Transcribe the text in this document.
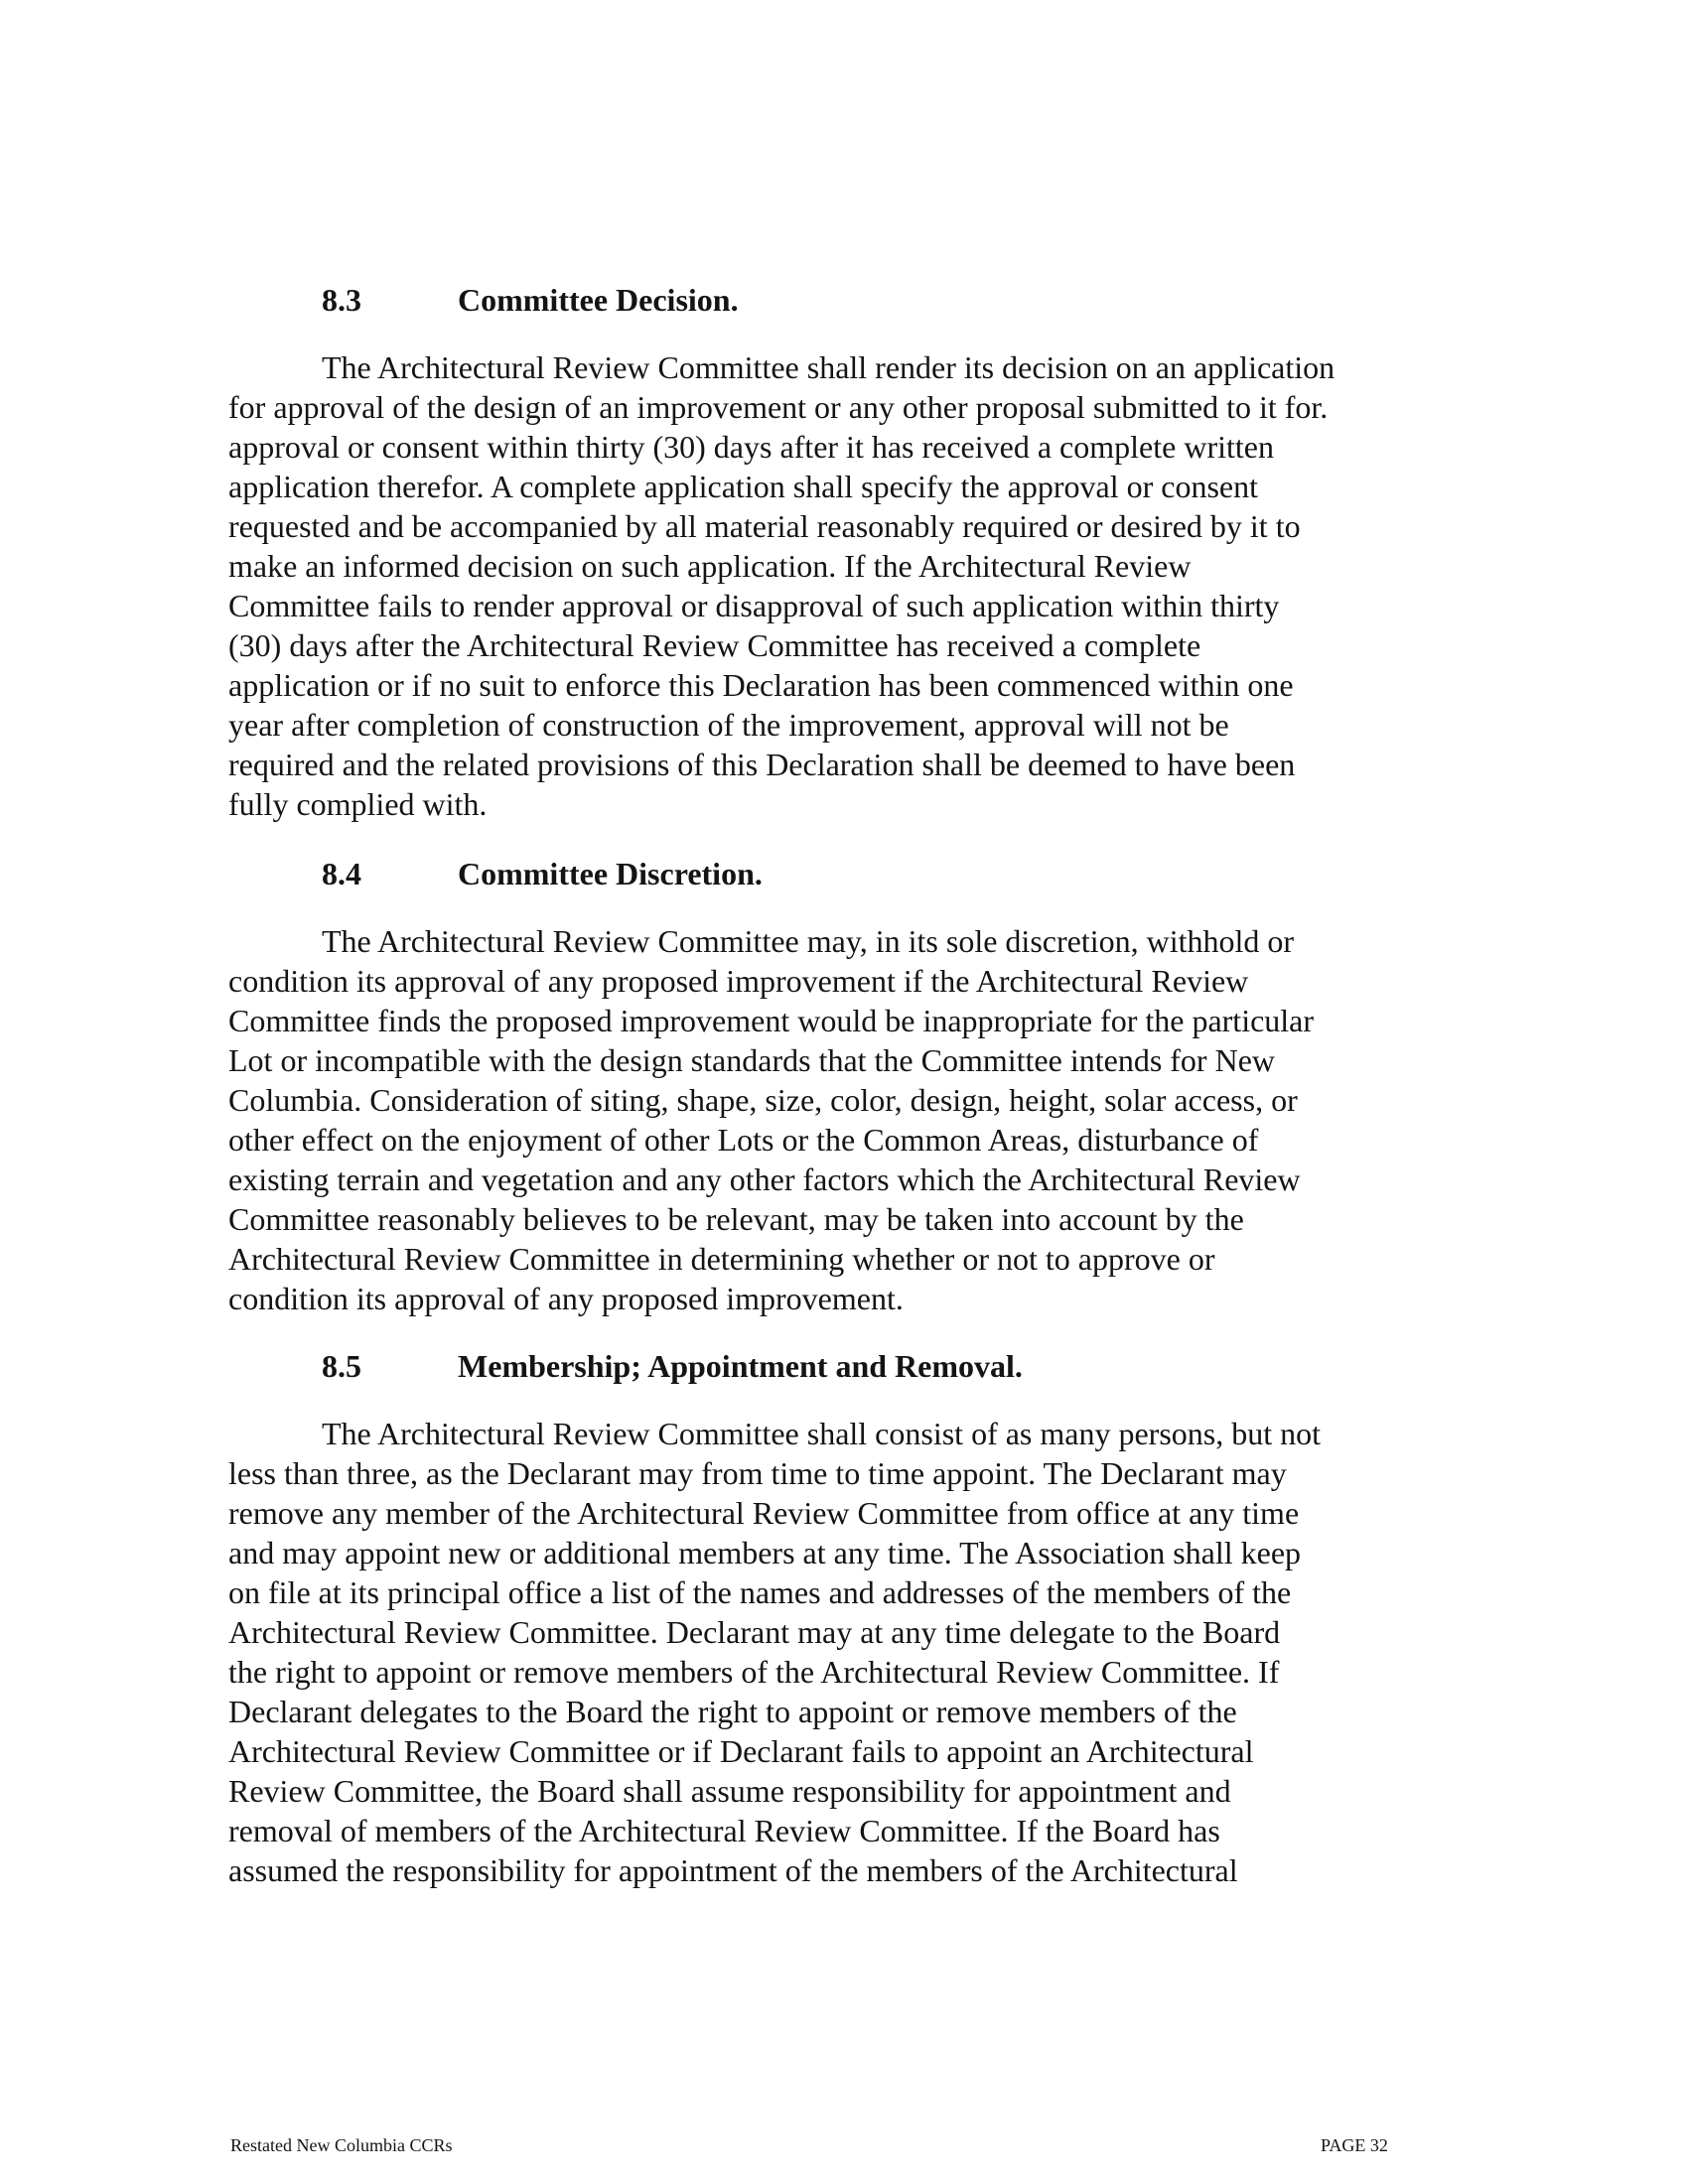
8.3	Committee Decision.
The Architectural Review Committee shall render its decision on an application
for approval of the design of an improvement or any other proposal submitted to it for.
approval or consent within thirty (30) days after it has received a complete written
application therefor. A complete application shall specify the approval or consent
requested and be accompanied by all material reasonably required or desired by it to
make an informed decision on such application. If the Architectural Review
Committee fails to render approval or disapproval of such application within thirty
(30) days after the Architectural Review Committee has received a complete
application or if no suit to enforce this Declaration has been commenced within one
year after completion of construction of the improvement, approval will not be
required and the related provisions of this Declaration shall be deemed to have been
fully complied with.
8.4	Committee Discretion.
The Architectural Review Committee may, in its sole discretion, withhold or
condition its approval of any proposed improvement if the Architectural Review
Committee finds the proposed improvement would be inappropriate for the particular
Lot or incompatible with the design standards that the Committee intends for New
Columbia. Consideration of siting, shape, size, color, design, height, solar access, or
other effect on the enjoyment of other Lots or the Common Areas, disturbance of
existing terrain and vegetation and any other factors which the Architectural Review
Committee reasonably believes to be relevant, may be taken into account by the
Architectural Review Committee in determining whether or not to approve or
condition its approval of any proposed improvement.
8.5	Membership; Appointment and Removal.
The Architectural Review Committee shall consist of as many persons, but not
less than three, as the Declarant may from time to time appoint. The Declarant may
remove any member of the Architectural Review Committee from office at any time
and may appoint new or additional members at any time. The Association shall keep
on file at its principal office a list of the names and addresses of the members of the
Architectural Review Committee. Declarant may at any time delegate to the Board
the right to appoint or remove members of the Architectural Review Committee. If
Declarant delegates to the Board the right to appoint or remove members of the
Architectural Review Committee or if Declarant fails to appoint an Architectural
Review Committee, the Board shall assume responsibility for appointment and
removal of members of the Architectural Review Committee. If the Board has
assumed the responsibility for appointment of the members of the Architectural
Restated New Columbia CCRs	PAGE 32
